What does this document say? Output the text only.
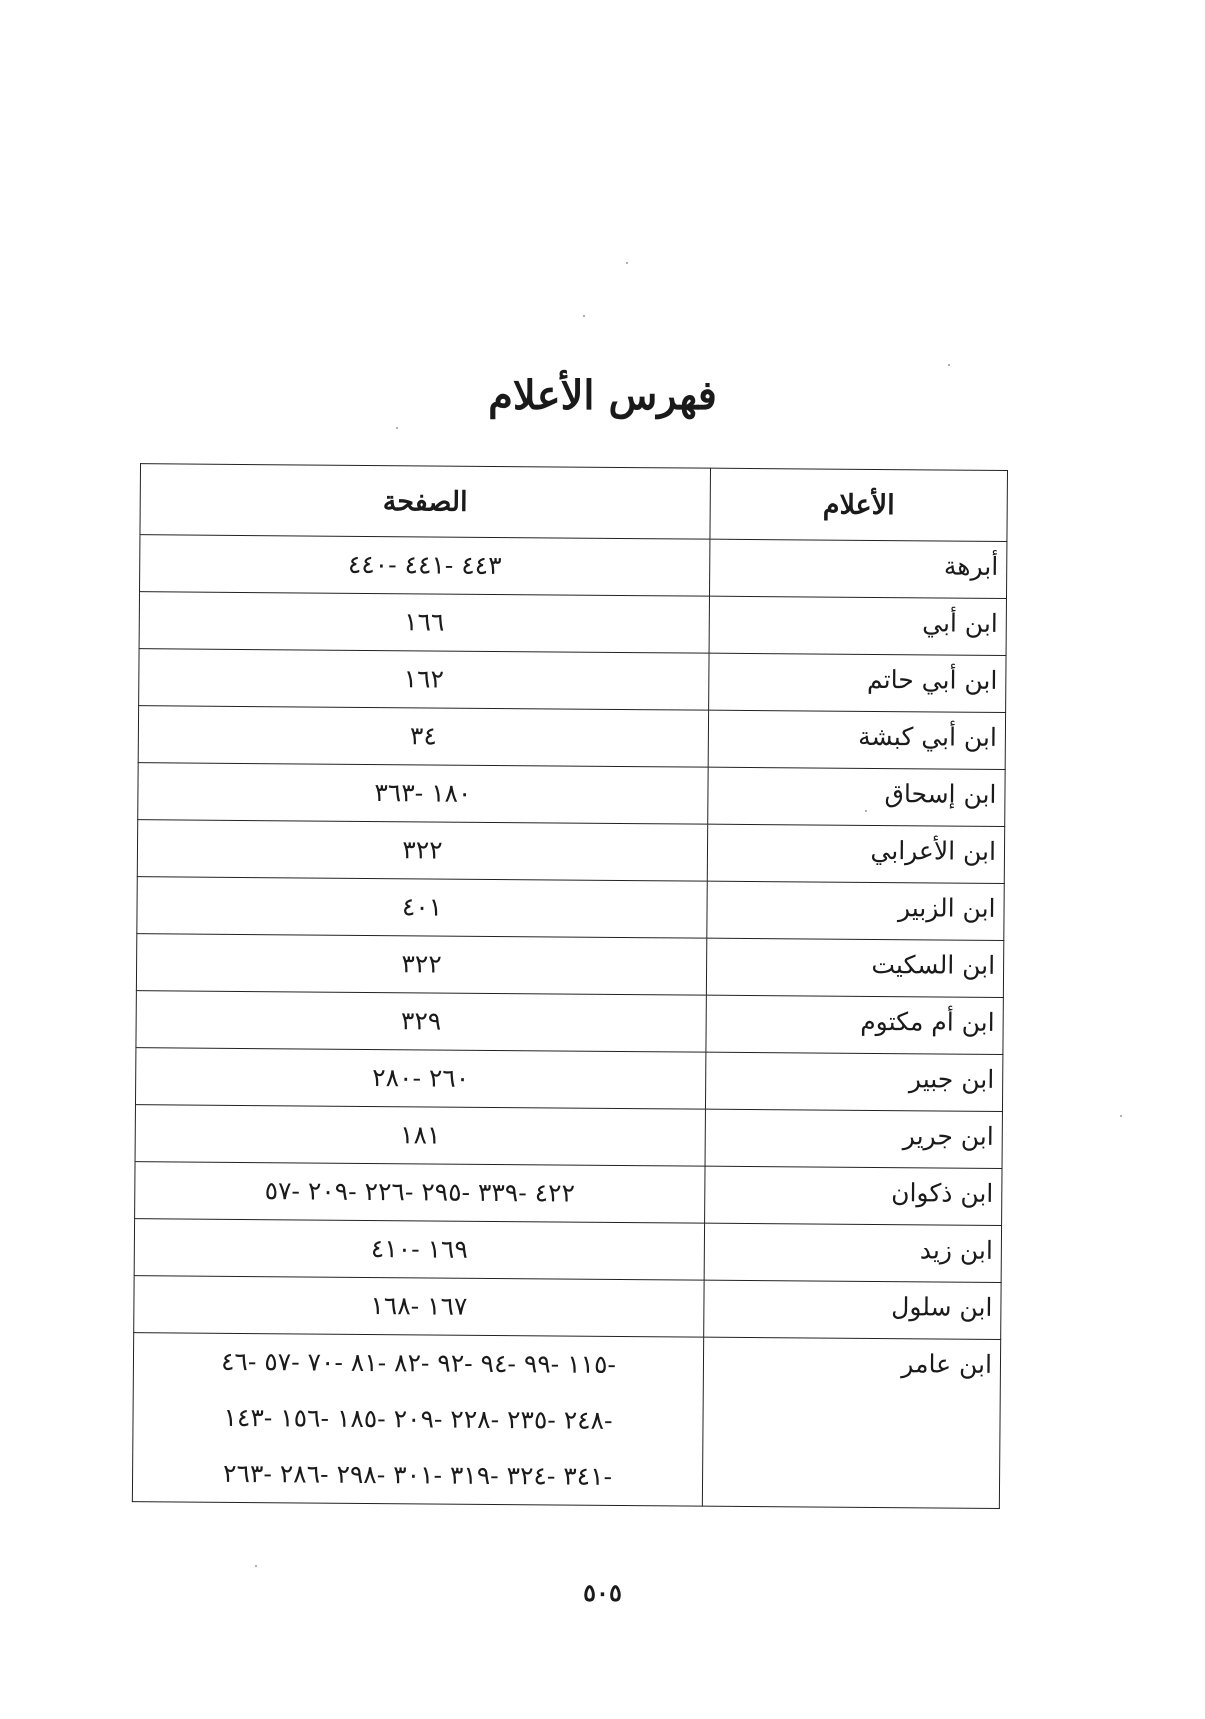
فهرس الأعلام
الأعلام	الصفحة
أبرهة	٤٤٣ -٤٤١ -٤٤٠

ابن أبي	١٦٦

ابن أبي حاتم	١٦٢

ابن أبي كبشة	٣٤

ابن إسحاق	١٨٠ -٣٦٣

ابن الأعرابي	٣٢٢

ابن الزبير	٤٠١

ابن السكيت	٣٢٢

ابن أم مكتوم	٣٢٩

ابن جبير	٢٦٠ -٢٨٠

ابن جرير	١٨١

ابن ذكوان	٤٢٢ -٣٣٩ -٢٩٥ -٢٢٦ -٢٠٩ -٥٧

ابن زيد	١٦٩ -٤١٠

ابن سلول	١٦٧ -١٦٨

ابن عامر	-١١٥ -٩٩ -٩٤ -٩٢ -٨٢ -٨١ -٧٠ -٥٧ -٤٦
-٢٤٨ -٢٣٥ -٢٢٨ -٢٠٩ -١٨٥ -١٥٦ -١٤٣
-٣٤١ -٣٢٤ -٣١٩ -٣٠١ -٢٩٨ -٢٨٦ -٢٦٣
٥٠٥
